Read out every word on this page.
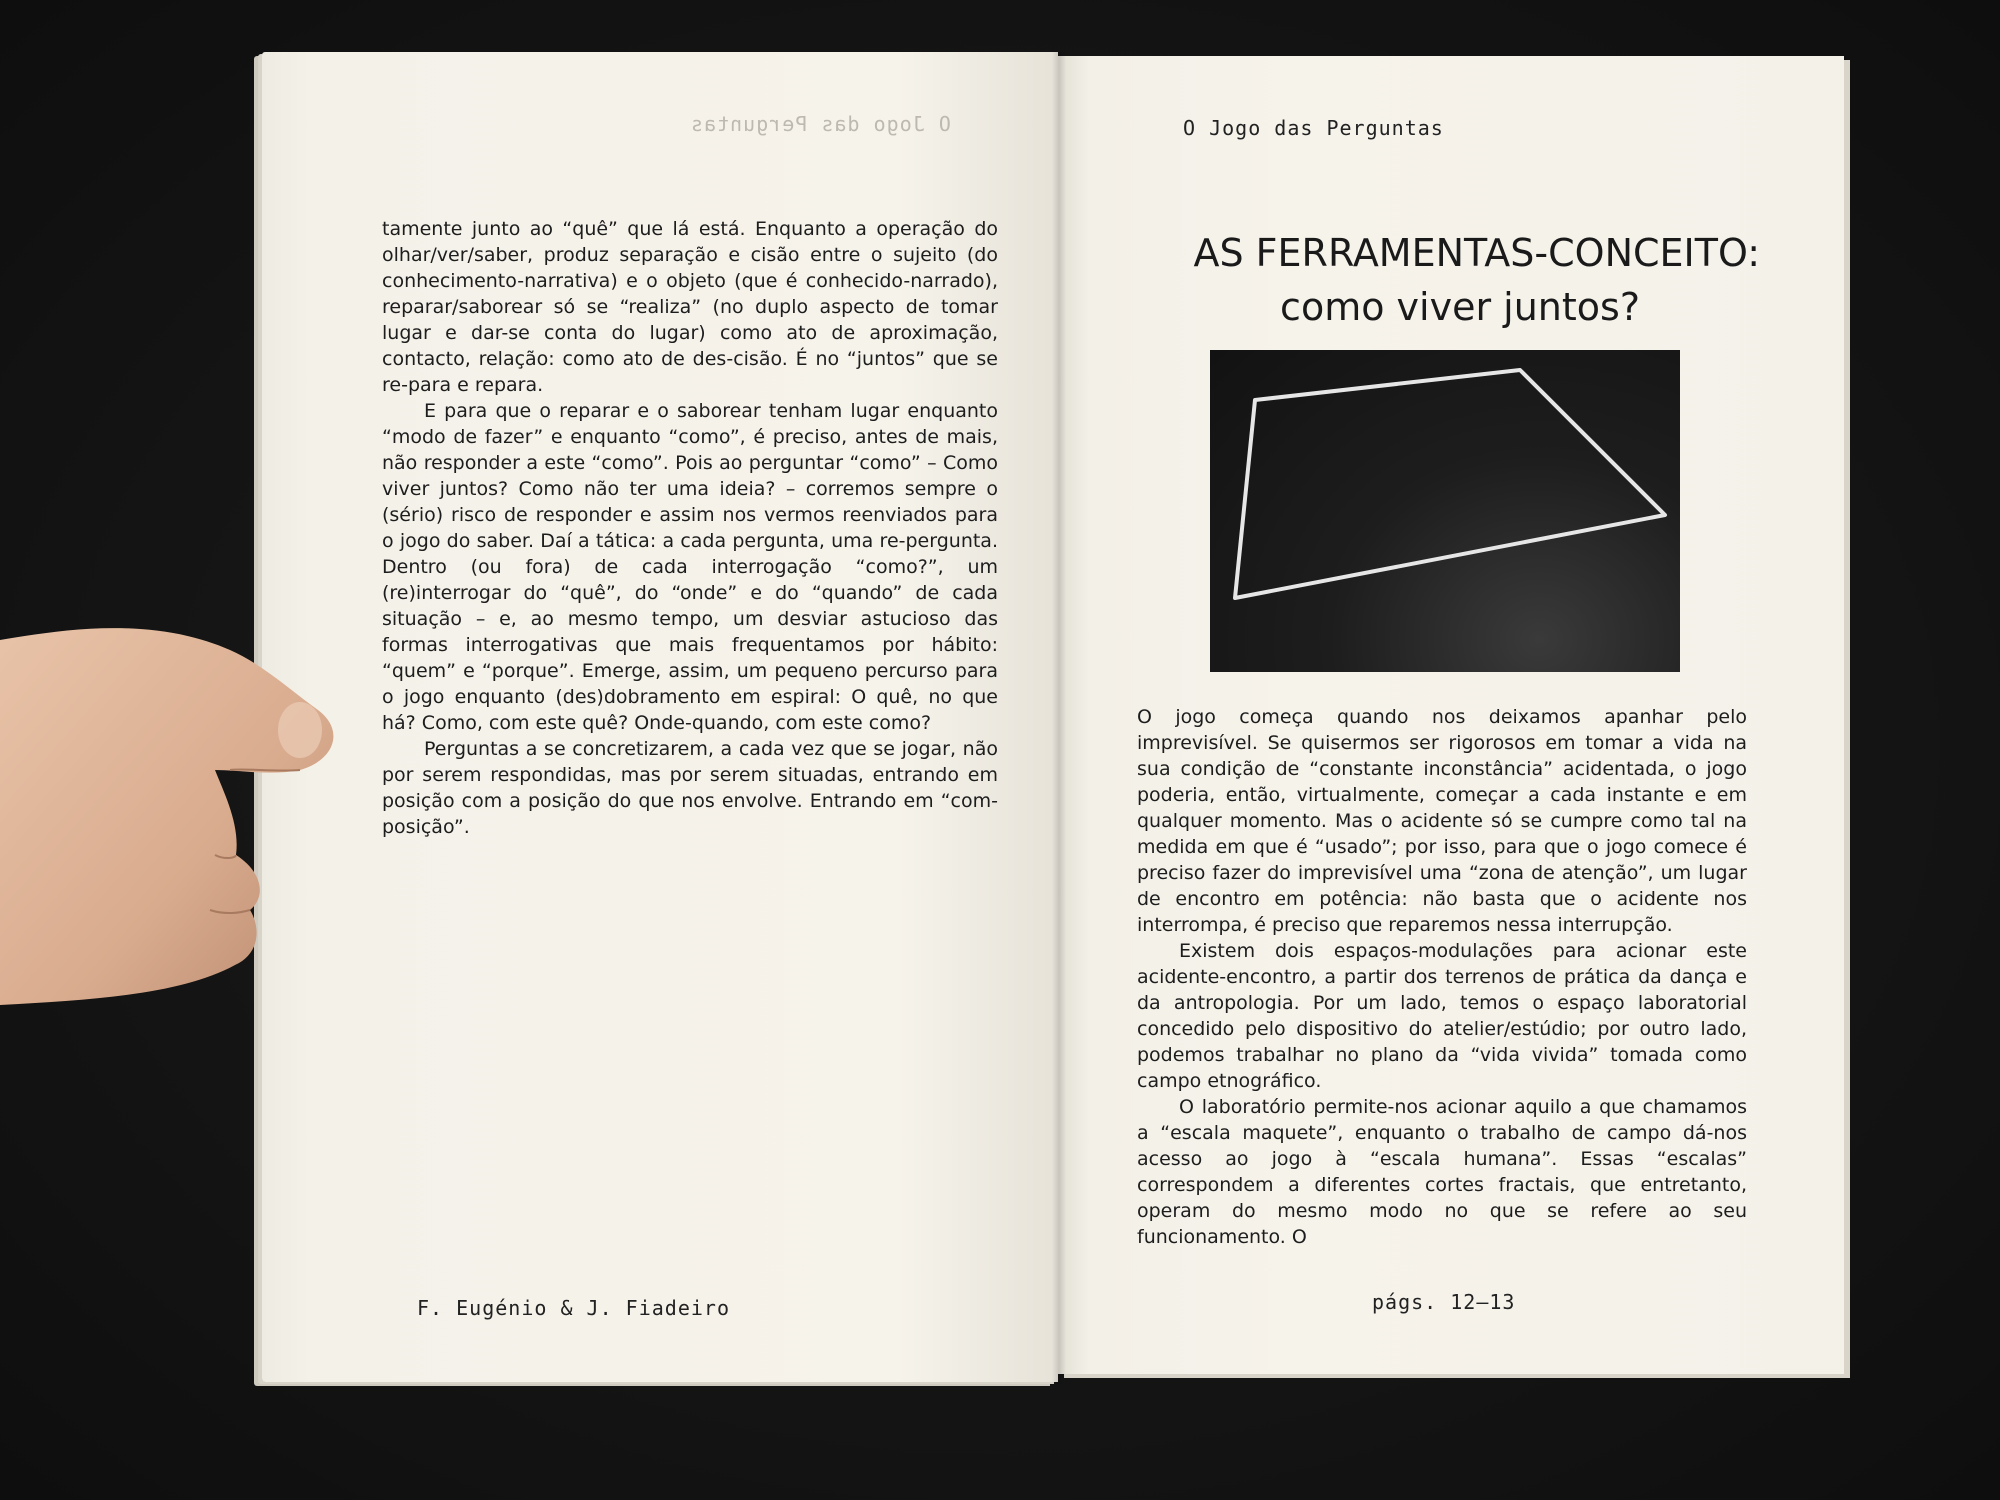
O Jogo das Perguntas

tamente junto ao “quê” que lá está. Enquanto a operação do olhar/ver/saber, produz separação e cisão entre o sujeito (do conhecimento-narrativa) e o objeto (que é conhecido-narrado), reparar/saborear só se “realiza” (no duplo aspecto de tomar lugar e dar-se conta do lugar) como ato de aproximação, contacto, relação: como ato de des-cisão. É no “juntos” que se re-para e repara.

E para que o reparar e o saborear tenham lugar enquanto “modo de fazer” e enquanto “como”, é preciso, antes de mais, não responder a este “como”. Pois ao perguntar “como” – Como viver juntos? Como não ter uma ideia? – corremos sempre o (sério) risco de responder e assim nos vermos reenviados para o jogo do saber. Daí a tática: a cada pergunta, uma re-pergunta. Dentro (ou fora) de cada interrogação “como?”, um (re)interrogar do “quê”, do “onde” e do “quando” de cada situação – e, ao mesmo tempo, um desviar astucioso das formas interrogativas que mais frequentamos por hábito: “quem” e “porque”. Emerge, assim, um pequeno percurso para o jogo enquanto (des)dobramento em espiral: O quê, no que há? Como, com este quê? Onde-quando, com este como?

Perguntas a se concretizarem, a cada vez que se jogar, não por serem respondidas, mas por serem situadas, entrando em posição com a posição do que nos envolve. Entrando em “com-posição”.

F. Eugénio & J. Fiadeiro
O Jogo das Perguntas
AS FERRAMENTAS-CONCEITO:
como viver juntos?

O jogo começa quando nos deixamos apanhar pelo imprevisível. Se quisermos ser rigorosos em tomar a vida na sua condição de “constante inconstância” acidentada, o jogo poderia, então, virtualmente, começar a cada instante e em qualquer momento. Mas o acidente só se cumpre como tal na medida em que é “usado”; por isso, para que o jogo comece é preciso fazer do imprevisível uma “zona de atenção”, um lugar de encontro em potência: não basta que o acidente nos interrompa, é preciso que reparemos nessa interrupção.

Existem dois espaços-modulações para acionar este acidente-encontro, a partir dos terrenos de prática da dança e da antropologia. Por um lado, temos o espaço laboratorial concedido pelo dispositivo do atelier/estúdio; por outro lado, podemos trabalhar no plano da “vida vivida” tomada como campo etnográfico.

O laboratório permite-nos acionar aquilo a que chamamos a “escala maquete”, enquanto o trabalho de campo dá-nos acesso ao jogo à “escala humana”. Essas “escalas” correspondem a diferentes cortes fractais, que entretanto, operam do mesmo modo no que se refere ao seu funcionamento. O

págs. 12–13
